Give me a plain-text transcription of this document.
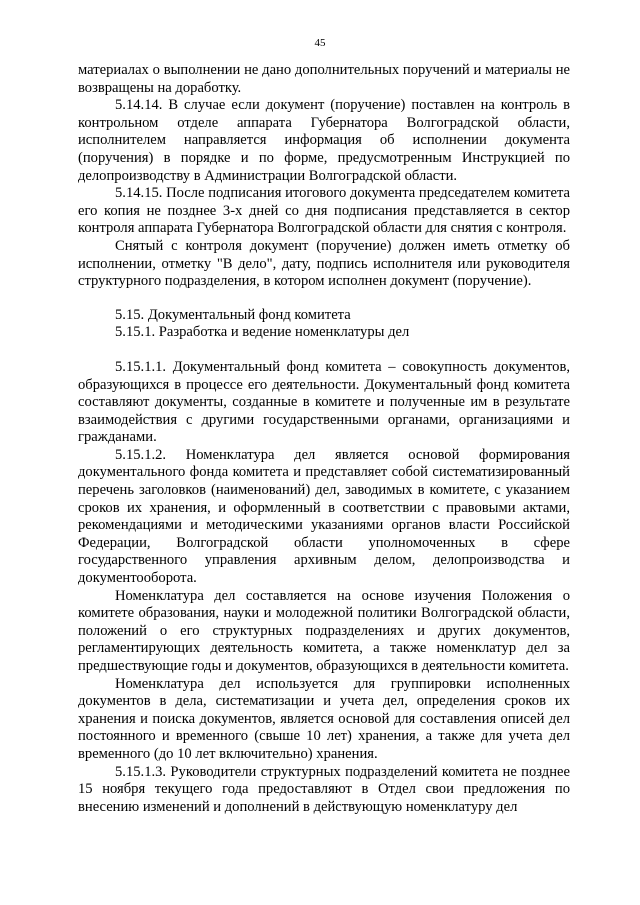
45

материалах о выполнении не дано дополнительных поручений и материалы не возвращены на доработку.

5.14.14. В случае если документ (поручение) поставлен на контроль в контрольном отделе аппарата Губернатора Волгоградской области, исполнителем направляется информация об исполнении документа (поручения) в порядке и по форме, предусмотренным Инструкцией по делопроизводству в Администрации Волгоградской области.

5.14.15. После подписания итогового документа председателем комитета его копия не позднее 3-х дней со дня подписания представляется в сектор контроля аппарата Губернатора Волгоградской области для снятия с контроля.

Снятый с контроля документ (поручение) должен иметь отметку об исполнении, отметку "В дело", дату, подпись исполнителя или руководителя структурного подразделения, в котором исполнен документ (поручение).

5.15. Документальный фонд комитета

5.15.1. Разработка и ведение номенклатуры дел

5.15.1.1. Документальный фонд комитета – совокупность документов, образующихся в процессе его деятельности. Документальный фонд комитета составляют документы, созданные в комитете и полученные им в результате взаимодействия с другими государственными органами, организациями и гражданами.

5.15.1.2. Номенклатура дел является основой формирования документального фонда комитета и представляет собой систематизированный перечень заголовков (наименований) дел, заводимых в комитете, с указанием сроков их хранения, и оформленный в соответствии с правовыми актами, рекомендациями и методическими указаниями органов власти Российской Федерации, Волгоградской области уполномоченных в сфере государственного управления архивным делом, делопроизводства и документооборота.

Номенклатура дел составляется на основе изучения Положения о комитете образования, науки и молодежной политики Волгоградской области, положений о его структурных подразделениях и других документов, регламентирующих деятельность комитета, а также номенклатур дел за предшествующие годы и документов, образующихся в деятельности комитета.

Номенклатура дел используется для группировки исполненных документов в дела, систематизации и учета дел, определения сроков их хранения и поиска документов, является основой для составления описей дел постоянного и временного (свыше 10 лет) хранения, а также для учета дел временного (до 10 лет включительно) хранения.

5.15.1.3. Руководители структурных подразделений комитета не позднее 15 ноября текущего года предоставляют в Отдел свои предложения по внесению изменений и дополнений в действующую номенклатуру дел
